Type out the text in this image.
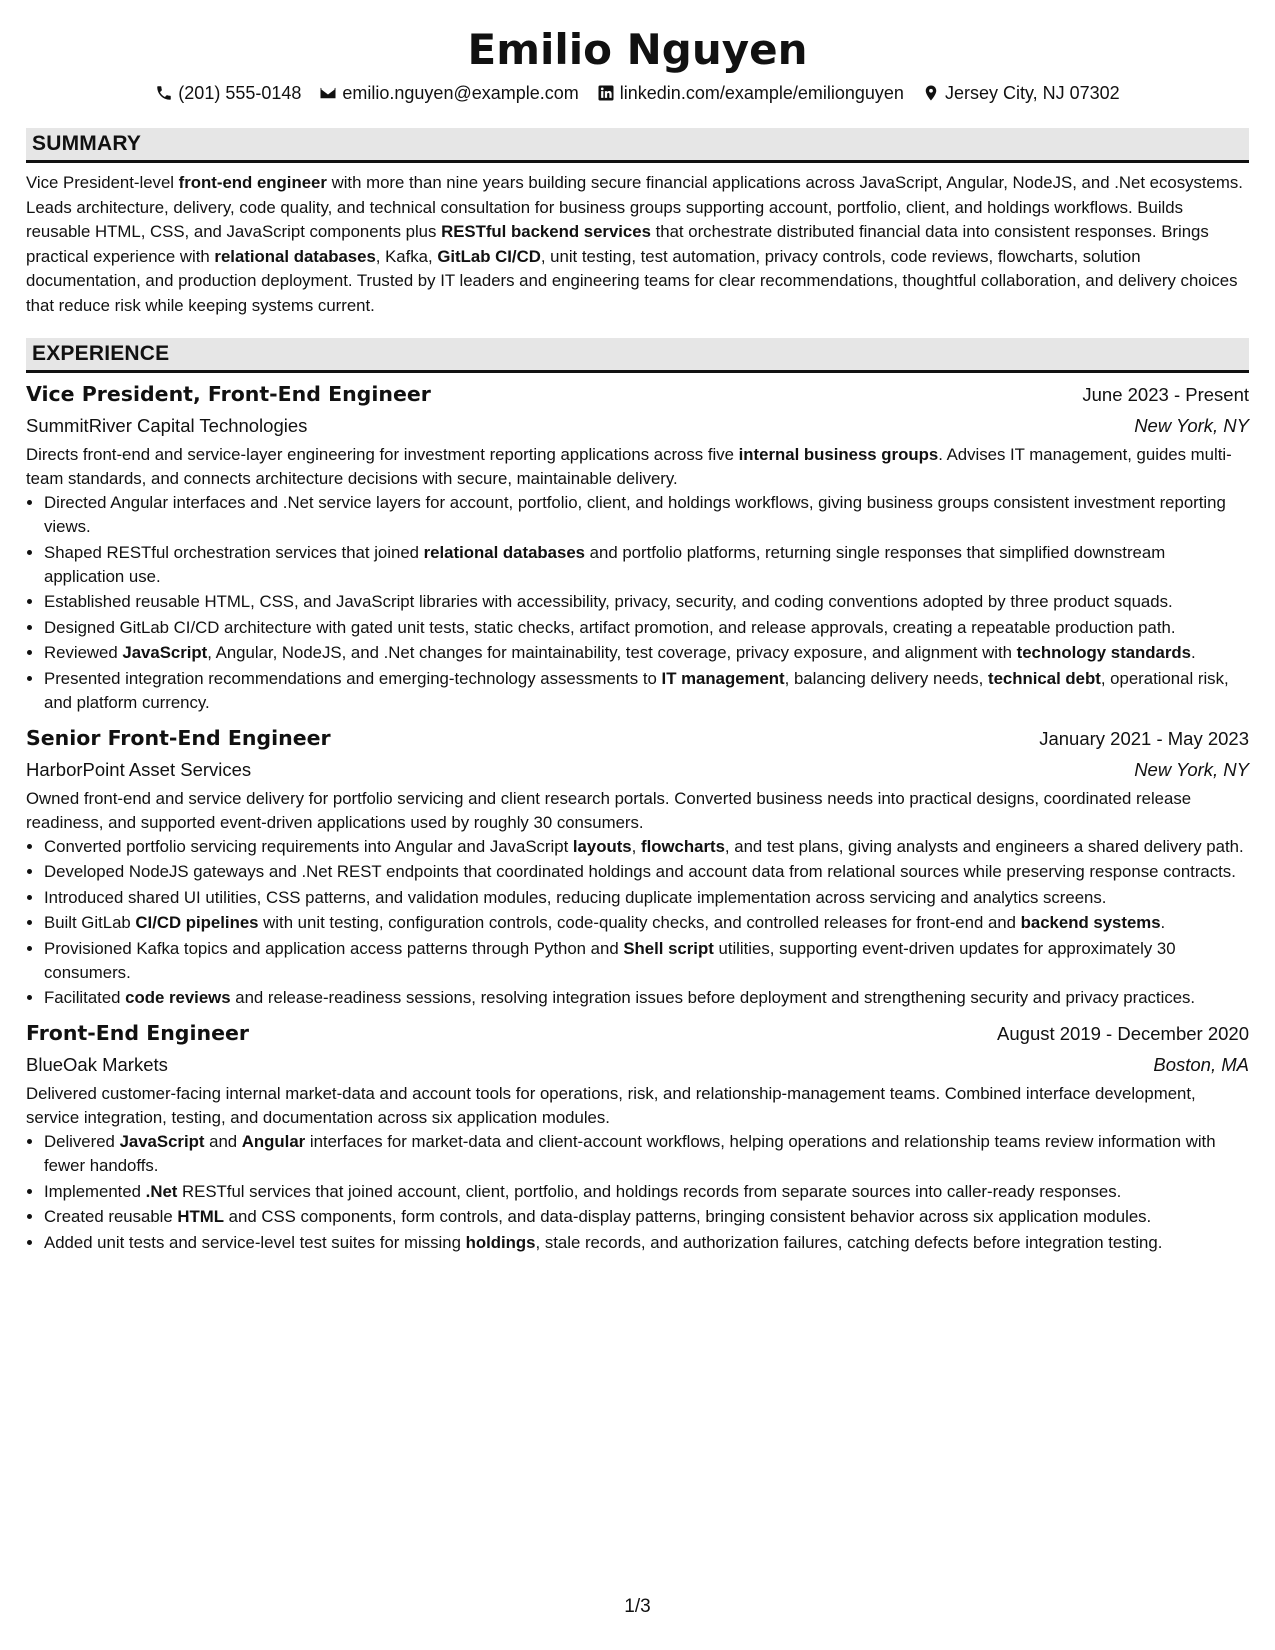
Emilio Nguyen
(201) 555-0148 emilio.nguyen@example.com linkedin.com/example/emilionguyen Jersey City, NJ 07302
SUMMARY
Vice President-level front-end engineer with more than nine years building secure financial applications across JavaScript, Angular, NodeJS, and .Net ecosystems. Leads architecture, delivery, code quality, and technical consultation for business groups supporting account, portfolio, client, and holdings workflows. Builds reusable HTML, CSS, and JavaScript components plus RESTful backend services that orchestrate distributed financial data into consistent responses. Brings practical experience with relational databases, Kafka, GitLab CI/CD, unit testing, test automation, privacy controls, code reviews, flowcharts, solution documentation, and production deployment. Trusted by IT leaders and engineering teams for clear recommendations, thoughtful collaboration, and delivery choices that reduce risk while keeping systems current.
EXPERIENCE
Vice President, Front-End Engineer	June 2023 - Present
SummitRiver Capital Technologies	New York, NY
Directs front-end and service-layer engineering for investment reporting applications across five internal business groups. Advises IT management, guides multi-team standards, and connects architecture decisions with secure, maintainable delivery.
• Directed Angular interfaces and .Net service layers for account, portfolio, client, and holdings workflows, giving business groups consistent investment reporting views.
• Shaped RESTful orchestration services that joined relational databases and portfolio platforms, returning single responses that simplified downstream application use.
• Established reusable HTML, CSS, and JavaScript libraries with accessibility, privacy, security, and coding conventions adopted by three product squads.
• Designed GitLab CI/CD architecture with gated unit tests, static checks, artifact promotion, and release approvals, creating a repeatable production path.
• Reviewed JavaScript, Angular, NodeJS, and .Net changes for maintainability, test coverage, privacy exposure, and alignment with technology standards.
• Presented integration recommendations and emerging-technology assessments to IT management, balancing delivery needs, technical debt, operational risk, and platform currency.
Senior Front-End Engineer	January 2021 - May 2023
HarborPoint Asset Services	New York, NY
Owned front-end and service delivery for portfolio servicing and client research portals. Converted business needs into practical designs, coordinated release readiness, and supported event-driven applications used by roughly 30 consumers.
• Converted portfolio servicing requirements into Angular and JavaScript layouts, flowcharts, and test plans, giving analysts and engineers a shared delivery path.
• Developed NodeJS gateways and .Net REST endpoints that coordinated holdings and account data from relational sources while preserving response contracts.
• Introduced shared UI utilities, CSS patterns, and validation modules, reducing duplicate implementation across servicing and analytics screens.
• Built GitLab CI/CD pipelines with unit testing, configuration controls, code-quality checks, and controlled releases for front-end and backend systems.
• Provisioned Kafka topics and application access patterns through Python and Shell script utilities, supporting event-driven updates for approximately 30 consumers.
• Facilitated code reviews and release-readiness sessions, resolving integration issues before deployment and strengthening security and privacy practices.
Front-End Engineer	August 2019 - December 2020
BlueOak Markets	Boston, MA
Delivered customer-facing internal market-data and account tools for operations, risk, and relationship-management teams. Combined interface development, service integration, testing, and documentation across six application modules.
• Delivered JavaScript and Angular interfaces for market-data and client-account workflows, helping operations and relationship teams review information with fewer handoffs.
• Implemented .Net RESTful services that joined account, client, portfolio, and holdings records from separate sources into caller-ready responses.
• Created reusable HTML and CSS components, form controls, and data-display patterns, bringing consistent behavior across six application modules.
• Added unit tests and service-level test suites for missing holdings, stale records, and authorization failures, catching defects before integration testing.
1/3
